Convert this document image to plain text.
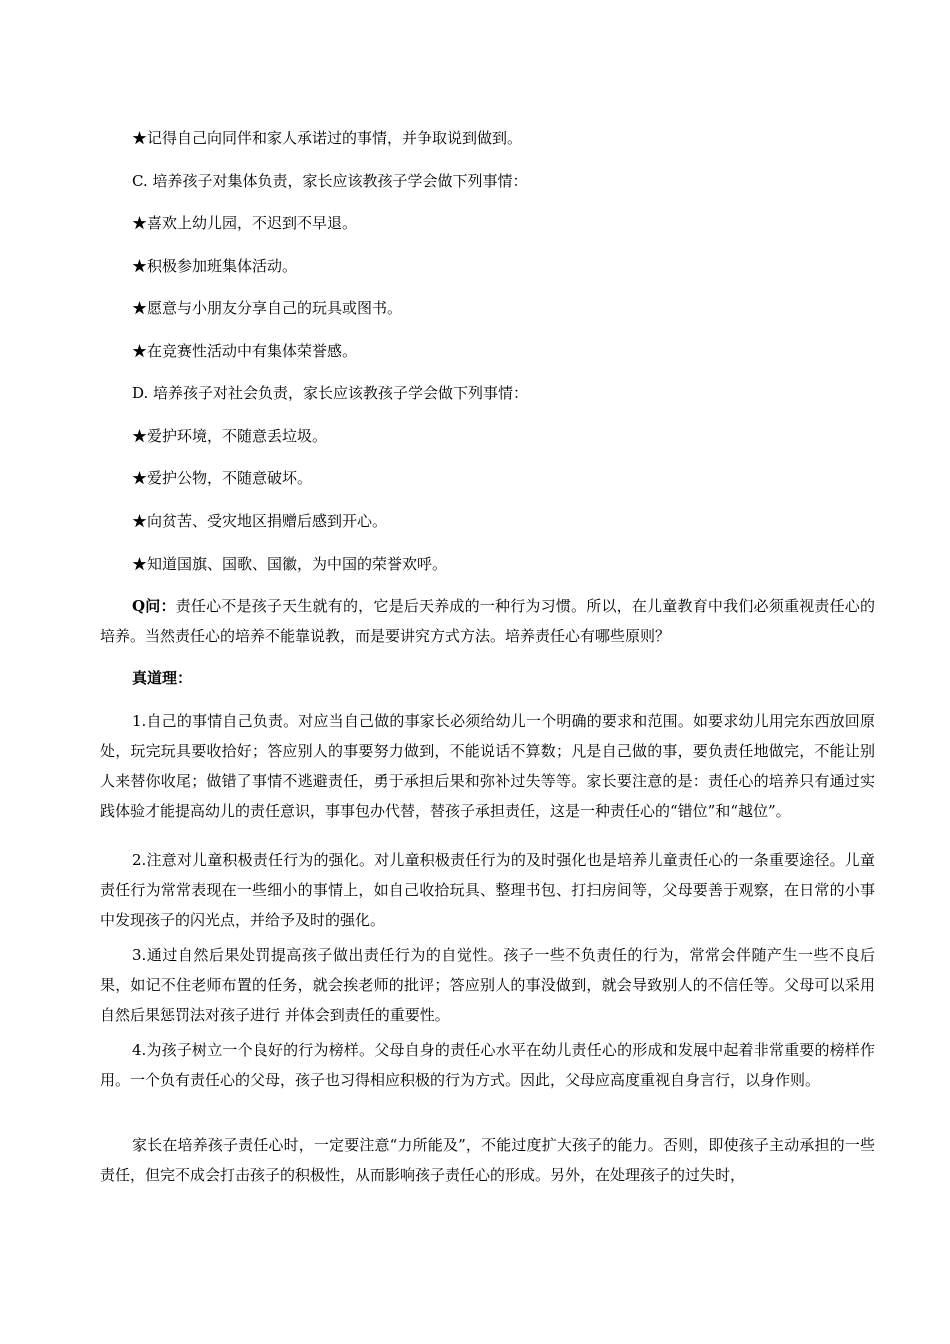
★记得自己向同伴和家人承诺过的事情，并争取说到做到。
C. 培养孩子对集体负责，家长应该教孩子学会做下列事情：
★喜欢上幼儿园，不迟到不早退。
★积极参加班集体活动。
★愿意与小朋友分享自己的玩具或图书。
★在竞赛性活动中有集体荣誉感。
D. 培养孩子对社会负责，家长应该教孩子学会做下列事情：
★爱护环境，不随意丢垃圾。
★爱护公物，不随意破坏。
★向贫苦、受灾地区捐赠后感到开心。
★知道国旗、国歌、国徽，为中国的荣誉欢呼。
Q问：责任心不是孩子天生就有的，它是后天养成的一种行为习惯。所以，在儿童教育中我们必须重视责任心的培养。当然责任心的培养不能靠说教，而是要讲究方式方法。培养责任心有哪些原则？
真道理：
1.自己的事情自己负责。对应当自己做的事家长必须给幼儿一个明确的要求和范围。如要求幼儿用完东西放回原处，玩完玩具要收拾好；答应别人的事要努力做到，不能说话不算数；凡是自己做的事，要负责任地做完，不能让别人来替你收尾；做错了事情不逃避责任，勇于承担后果和弥补过失等等。家长要注意的是：责任心的培养只有通过实践体验才能提高幼儿的责任意识，事事包办代替，替孩子承担责任，这是一种责任心的“错位”和“越位”。
2.注意对儿童积极责任行为的强化。对儿童积极责任行为的及时强化也是培养儿童责任心的一条重要途径。儿童责任行为常常表现在一些细小的事情上，如自己收拾玩具、整理书包、打扫房间等，父母要善于观察，在日常的小事中发现孩子的闪光点，并给予及时的强化。
3.通过自然后果处罚提高孩子做出责任行为的自觉性。孩子一些不负责任的行为，常常会伴随产生一些不良后果，如记不住老师布置的任务，就会挨老师的批评；答应别人的事没做到，就会导致别人的不信任等。父母可以采用自然后果惩罚法对孩子进行 并体会到责任的重要性。
4.为孩子树立一个良好的行为榜样。父母自身的责任心水平在幼儿责任心的形成和发展中起着非常重要的榜样作用。一个负有责任心的父母，孩子也习得相应积极的行为方式。因此，父母应高度重视自身言行，以身作则。
家长在培养孩子责任心时，一定要注意“力所能及”，不能过度扩大孩子的能力。否则，即使孩子主动承担的一些责任，但完不成会打击孩子的积极性，从而影响孩子责任心的形成。另外，在处理孩子的过失时，
